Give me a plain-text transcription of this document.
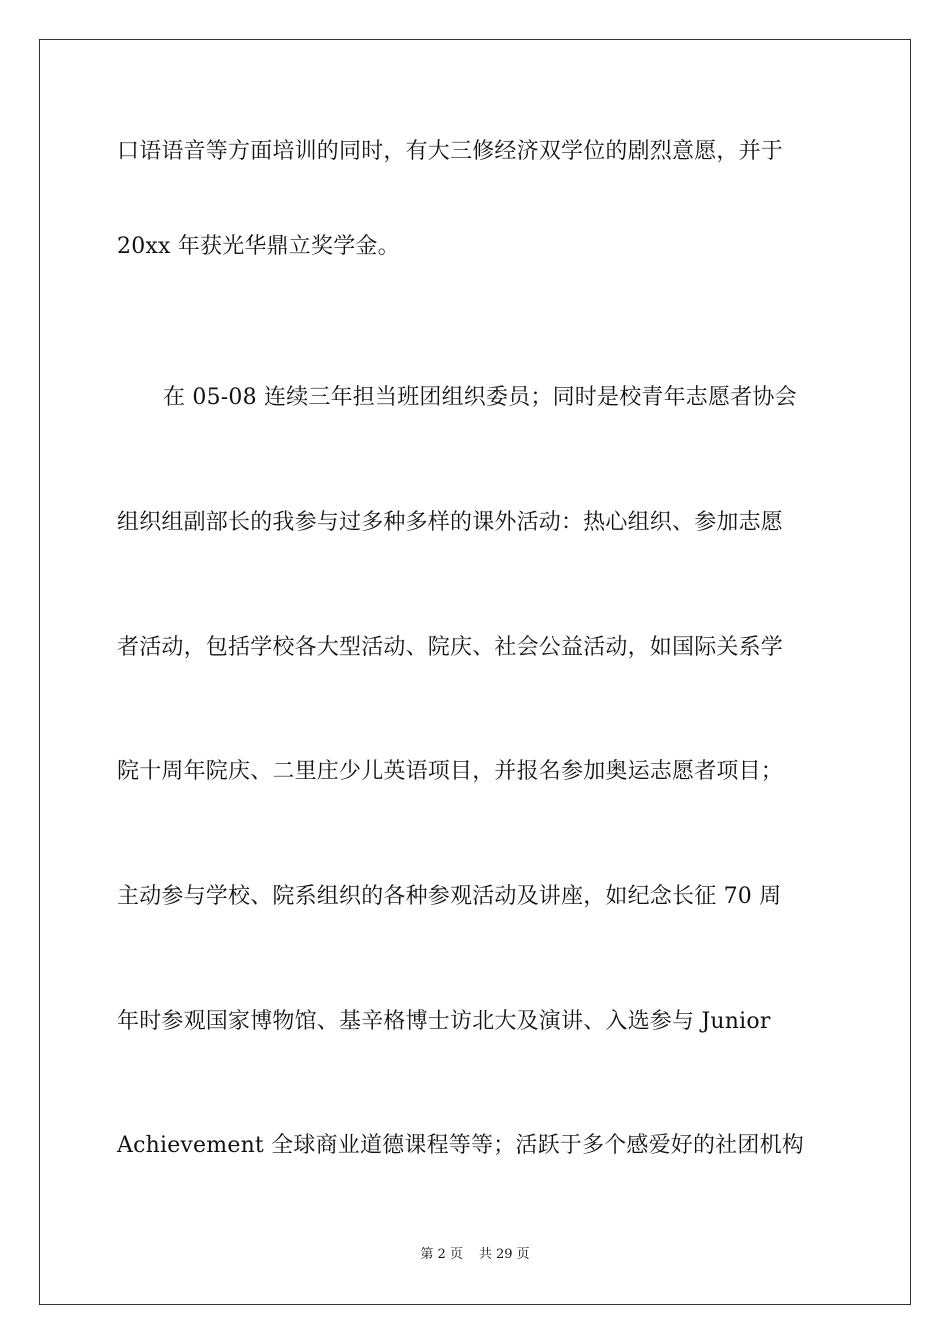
口语语音等方面培训的同时，有大三修经济双学位的剧烈意愿，并于
20xx 年获光华鼎立奖学金。
在 05-08 连续三年担当班团组织委员；同时是校青年志愿者协会
组织组副部长的我参与过多种多样的课外活动：热心组织、参加志愿
者活动，包括学校各大型活动、院庆、社会公益活动，如国际关系学
院十周年院庆、二里庄少儿英语项目，并报名参加奥运志愿者项目；
主动参与学校、院系组织的各种参观活动及讲座，如纪念长征 70 周
年时参观国家博物馆、基辛格博士访北大及演讲、入选参与 Junior
Achievement 全球商业道德课程等等；活跃于多个感爱好的社团机构
第 2 页 共 29 页
